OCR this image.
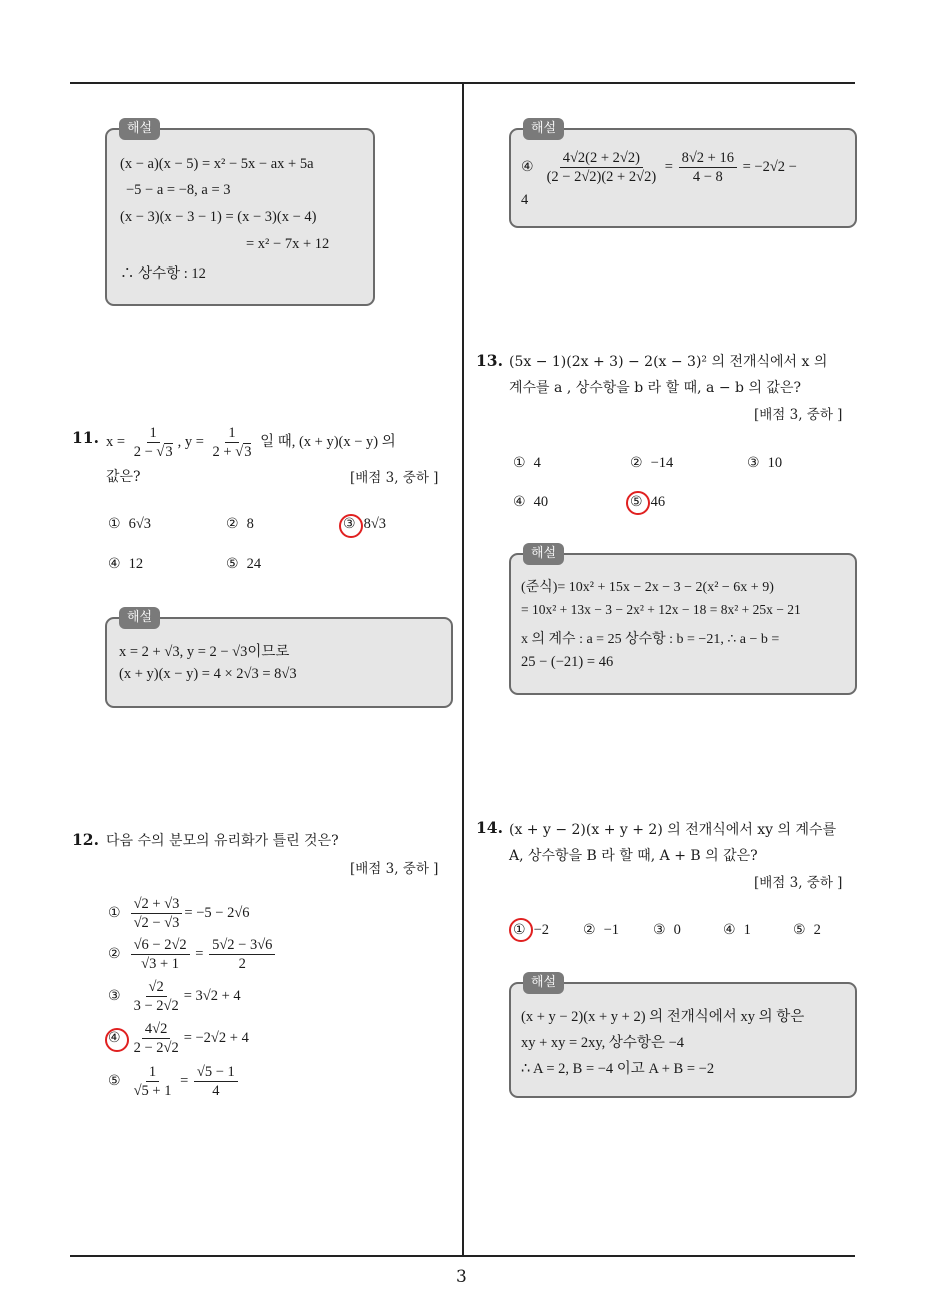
3
해설
(x − a)(x − 5) = x² − 5x − ax + 5a
−5 − a = −8, a = 3
(x − 3)(x − 3 − 1) = (x − 3)(x − 4)
= x² − 7x + 12
∴ 상수항 : 12
11. $x = \frac{1}{2 - √3}$ , $y = \frac{1}{2 + √3}$ 일 때, (x + y)(x − y) 의
값은?	[배점 3, 중하 ]
① 6√3	② 8	③ 8√3
④ 12	⑤ 24
해설
x = 2 + √3, y = 2 − √3이므로
(x + y)(x − y) = 4 × 2√3 = 8√3
12. 다음 수의 분모의 유리화가 틀린 것은?
[배점 3, 중하 ]
① $\frac{√2 + √3}{√2 - √3} = -5 - 2√6$
② $\frac{√6 - 2√2}{√3 + 1} = \frac{5√2 - 3√6}{2}$
③ $\frac{√2}{3 - 2√2} = 3√2 + 4$
④ $\frac{4√2}{2 - 2√2} = -2√2 + 4$
⑤ $\frac{1}{√5 + 1} = \frac{√5 - 1}{4}$
해설
④ $\frac{4√2(2 + 2√2)}{(2 - 2√2)(2 + 2√2)} = \frac{8√2 + 16}{4 - 8} = -2√2$ −
4
13. (5x − 1)(2x + 3) − 2(x − 3)² 의 전개식에서 x 의
계수를 a , 상수항을 b 라 할 때, a − b 의 값은?
[배점 3, 중하 ]
① 4	② −14	③ 10
④ 40	⑤ 46
해설
(준식)= 10x² + 15x − 2x − 3 − 2(x² − 6x + 9)
= 10x² + 13x − 3 − 2x² + 12x − 18 = 8x² + 25x − 21
x 의 계수 : a = 25 상수항 : b = −21, ∴ a − b =
25 − (−21) = 46
14. (x + y − 2)(x + y + 2) 의 전개식에서 xy 의 계수를
A, 상수항을 B 라 할 때, A + B 의 값은?
[배점 3, 중하 ]
① −2 ② −1 ③ 0	④ 1	⑤ 2
해설
(x + y − 2)(x + y + 2) 의 전개식에서 xy 의 항은
xy + xy = 2xy, 상수항은 −4
∴ A = 2, B = −4 이고 A + B = −2
